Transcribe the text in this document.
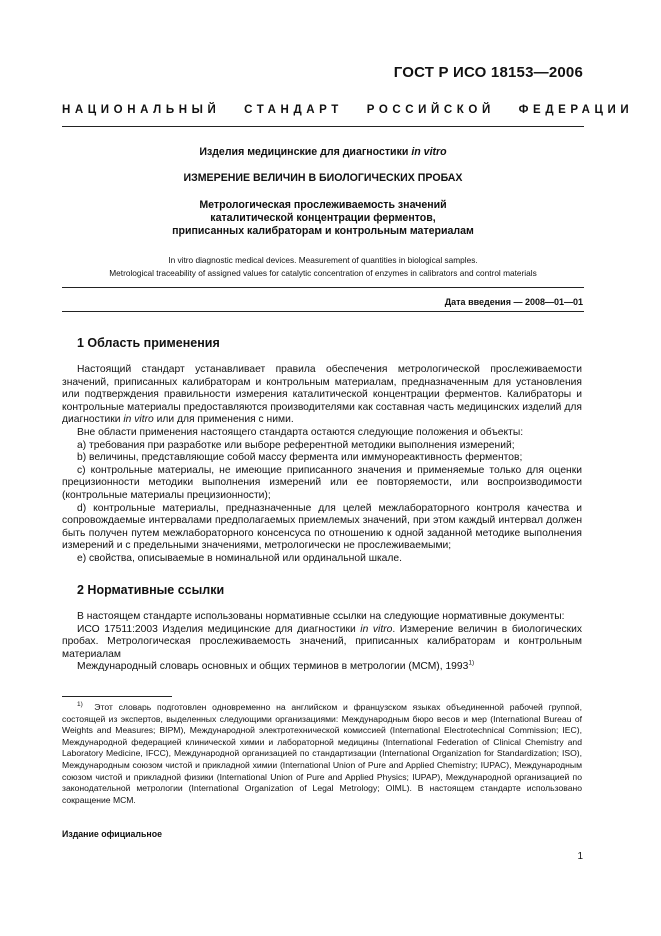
ГОСТ Р ИСО 18153—2006
НАЦИОНАЛЬНЫЙ СТАНДАРТ РОССИЙСКОЙ ФЕДЕРАЦИИ
Изделия медицинские для диагностики in vitro
ИЗМЕРЕНИЕ ВЕЛИЧИН В БИОЛОГИЧЕСКИХ ПРОБАХ
Метрологическая прослеживаемость значений
каталитической концентрации ферментов,
приписанных калибраторам и контрольным материалам
In vitro diagnostic medical devices. Measurement of quantities in biological samples.
Metrological traceability of assigned values for catalytic concentration of enzymes in calibrators and control materials
Дата введения — 2008—01—01
1 Область применения

Настоящий стандарт устанавливает правила обеспечения метрологической прослеживаемости значений, приписанных калибраторам и контрольным материалам, предназначенным для установления или подтверждения правильности измерения каталитической концентрации ферментов. Калибраторы и контрольные материалы предоставляются производителями как составная часть медицинских изделий для диагностики in vitro или для применения с ними.

Вне области применения настоящего стандарта остаются следующие положения и объекты:

a) требования при разработке или выборе референтной методики выполнения измерений;

b) величины, представляющие собой массу фермента или иммунореактивность ферментов;

c) контрольные материалы, не имеющие приписанного значения и применяемые только для оценки прецизионности методики выполнения измерений или ее повторяемости, или воспроизводимости (контрольные материалы прецизионности);

d) контрольные материалы, предназначенные для целей межлабораторного контроля качества и сопровождаемые интервалами предполагаемых приемлемых значений, при этом каждый интервал должен быть получен путем межлабораторного консенсуса по отношению к одной заданной методике выполнения измерений и с предельными значениями, метрологически не прослеживаемыми;

e) свойства, описываемые в номинальной или ординальной шкале.

2 Нормативные ссылки

В настоящем стандарте использованы нормативные ссылки на следующие нормативные документы:

ИСО 17511:2003 Изделия медицинские для диагностики in vitro. Измерение величин в биологических пробах. Метрологическая прослеживаемость значений, приписанных калибраторам и контрольным материалам

Международный словарь основных и общих терминов в метрологии (МСМ), 1993$^{1)}$

$^{1)}$ Этот словарь подготовлен одновременно на английском и французском языках объединенной рабочей группой, состоящей из экспертов, выделенных следующими организациями: Международным бюро весов и мер (International Bureau of Weights and Measures; BIPM), Международной электротехнической комиссией (International Electrotechnical Commission; IEC), Международной федерацией клинической химии и лабораторной медицины (International Federation of Clinical Chemistry and Laboratory Medicine, IFCC), Международной организацией по стандартизации (International Organization for Standardization; ISO), Международным союзом чистой и прикладной химии (International Union of Pure and Applied Chemistry; IUPAC), Международным союзом чистой и прикладной физики (International Union of Pure and Applied Physics; IUPAP), Международной организацией по законодательной метрологии (International Organization of Legal Metrology; OIML). В настоящем стандарте использовано сокращение МСМ.

Издание официальное
1
